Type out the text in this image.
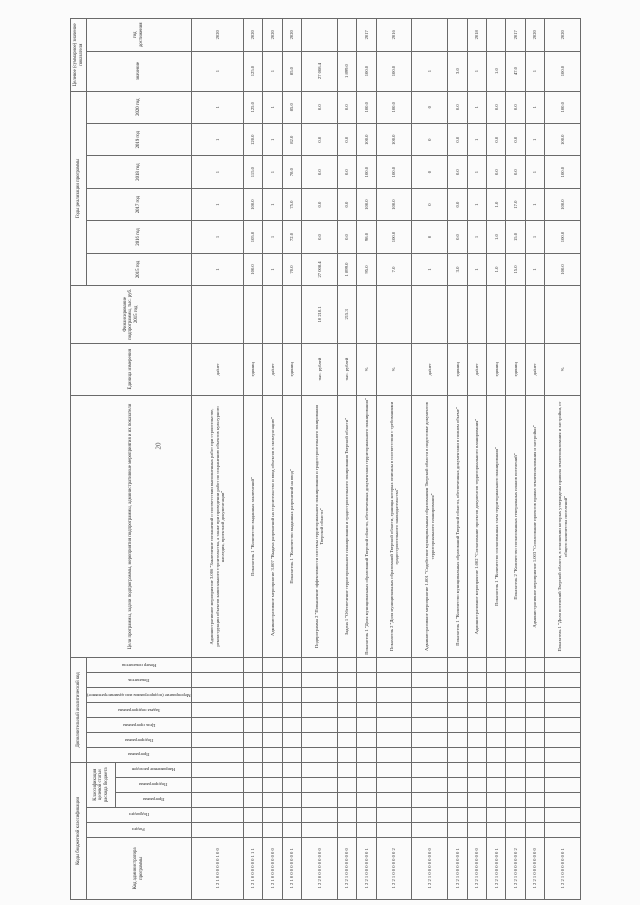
20
Коды бюджетной классификации						Дополнительный аналитический код							Цели программы, задачи подпрограммы, мероприятия подпрограммы, административные мероприятия и их показатели	Единица измерения	Финансирование подпрограммы, тыс. руб. 2015 год	Годы реализации программы						Целевое (суммарное) значение показателя	
Код администратора программы	Раздел	Подраздел	Классификация целевой статьи расхода бюджета			Программа	Подпрограмма	Цель программы	Задача подпрограммы	Мероприятие (подпрограммы или административное)	Показатель	Номер показателя				2015 год	2016 год	2017 год	2018 год	2019 год	2020 год	значение	год достижения

			Программа	Подпрограмма	Направление расходов																		

1 2 1 0 0 0 0 0 0 1 0 0													Административное мероприятие 3.006 "Заключение соглашений о соответствии выполненных работ при строительстве, реконструкции объектов капитального строительства, а также при проведении работ по сохранению объектов культурного наследия, проектной документации"	да/нет		1	1	1	1	1	1	1	2020
1 2 1 0 0 0 0 0 0 1 1 1													Показатель 1 "Количество выданных заключений"	единиц		100.0	105.0	100.0	115.0	120.0	125.0	125.0	2020
1 2 1 0 0 0 0 0 0 0 0 0													Административное мероприятие 3.007 "Выдача разрешений на строительство и ввод объектов в эксплуатацию"	да/нет		1	1	1	1	1	1	1	2020
1 2 1 0 0 0 0 0 0 0 0 1													Показатель 1 "Количество выданных разрешений на ввод"	единиц		70.0	72.0	75.0	78.0	82.0	85.0	85.0	2020
1 2 2 0 0 0 0 0 0 0 0 0													Подпрограмма 2 "Повышение эффективности системы территориального планирования и градостроительного зонирования Тверской области"	тыс. рублей	10 210.1	27 008.4	0.0	0.0	0.0	0.0	0.0	27 008.4	
1 2 2 1 0 0 0 0 0 0 0 0													Задача 1 "Обеспечение территориального планирования и градостроительного зонирования Тверской области"	тыс. рублей	215.3	1 899.0	0.0	0.0	0.0	0.0	0.0	1 899.0	
1 2 2 1 0 0 0 0 0 0 0 1													Показатель 1 "Доля муниципальных образований Тверской области, обеспеченных документами территориального планирования"	%		95.0	98.0	100.0	100.0	100.0	100.0	100.0	2017
1 2 2 1 0 0 0 0 0 0 0 2													Показатель 2 "Доля муниципальных образований Тверской области, границы которых описаны в соответствии с требованиями градостроительного законодательства"	%		7.0	100.0	100.0	100.0	100.0	100.0	100.0	2016
1 2 2 1 0 0 0 0 0 0 0 0													Административное мероприятие 1.001 "Содействие муниципальным образованиям Тверской области в подготовке документов территориального планирования"	да/нет		1	0	0	0	0	0	1	
1 2 2 1 0 0 0 0 0 0 0 1													Показатель 1 "Количество муниципальных образований Тверской области, обеспеченных документами в полном объеме"	единиц		3.0	0.0	0.0	0.0	0.0	0.0	3.0	
1 2 2 1 0 0 0 0 0 0 0 0													Административное мероприятие 1.002 "Согласование проектов документов территориального планирования"	да/нет		1	1	1	1	1	1	1	2018
1 2 2 1 0 0 0 0 0 0 0 1													Показатель 1 "Количество согласованных схем территориального планирования"	единиц		1.0	1.0	1.0	0.0	0.0	0.0	1.0	
1 2 2 1 0 0 0 0 0 0 0 2													Показатель 2 "Количество согласованных генеральных планов поселений"	единиц		15.0	15.0	17.0	0.0	0.0	0.0	47.0	2017
1 2 2 1 0 0 0 0 0 0 0 0													Административное мероприятие 1.003 "Согласование проектов правил землепользования и застройки"	да/нет		1	1	1	1	1	1	1	2020
1 2 2 1 0 0 0 0 0 0 0 1													Показатель 1 "Доля поселений Тверской области, в отношении которых утверждены правила землепользования и застройки, от общего количества поселений"	%		100.0	100.0	100.0	100.0	100.0	100.0	100.0	2020
